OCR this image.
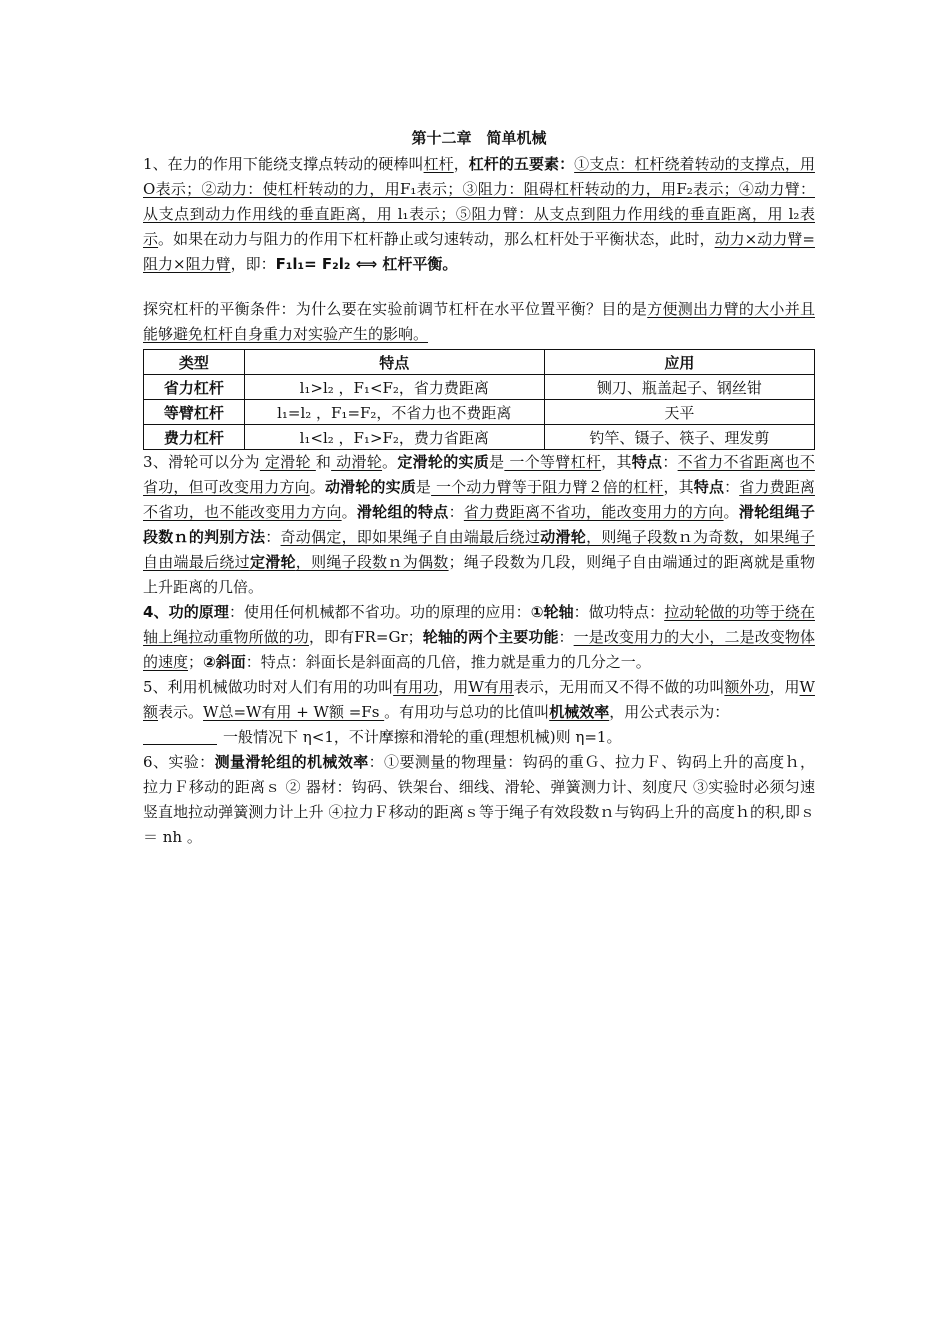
第十二章　简单机械

1、在力的作用下能绕支撑点转动的硬棒叫杠杆，杠杆的五要素：①支点：杠杆绕着转动的支撑点，用O表示；②动力：使杠杆转动的力，用F₁表示；③阻力：阻碍杠杆转动的力，用F₂表示；④动力臂：从支点到动力作用线的垂直距离，用 l₁表示；⑤阻力臂：从支点到阻力作用线的垂直距离，用 l₂表示。如果在动力与阻力的作用下杠杆静止或匀速转动，那么杠杆处于平衡状态，此时，动力×动力臂=阻力×阻力臂，即：F₁l₁= F₂l₂ ⟺ 杠杆平衡。

探究杠杆的平衡条件：为什么要在实验前调节杠杆在水平位置平衡？目的是方便测出力臂的大小并且能够避免杠杆自身重力对实验产生的影响。

类型	特点	应用
省力杠杆	l₁>l₂ ，F₁<F₂，省力费距离	铡刀、瓶盖起子、钢丝钳
等臂杠杆	l₁=l₂ ，F₁=F₂，不省力也不费距离	天平
费力杠杆	l₁<l₂ ，F₁>F₂，费力省距离	钓竿、镊子、筷子、理发剪

3、滑轮可以分为 定滑轮 和 动滑轮。定滑轮的实质是 一个等臂杠杆，其特点：不省力不省距离也不省功，但可改变用力方向。动滑轮的实质是 一个动力臂等于阻力臂２倍的杠杆，其特点：省力费距离不省功，也不能改变用力方向。滑轮组的特点：省力费距离不省功，能改变用力的方向。滑轮组绳子段数ｎ的判别方法：奇动偶定，即如果绳子自由端最后绕过动滑轮，则绳子段数ｎ为奇数，如果绳子自由端最后绕过定滑轮，则绳子段数ｎ为偶数；绳子段数为几段，则绳子自由端通过的距离就是重物上升距离的几倍。

4、功的原理：使用任何机械都不省功。功的原理的应用：①轮轴：做功特点：拉动轮做的功等于绕在轴上绳拉动重物所做的功，即有FR=Gr；轮轴的两个主要功能：一是改变用力的大小，二是改变物体的速度；②斜面：特点：斜面长是斜面高的几倍，推力就是重力的几分之一。

5、利用机械做功时对人们有用的功叫有用功，用W有用表示，无用而又不得不做的功叫额外功，用W额表示。W总=W有用 + W额 =Fs 。有用功与总功的比值叫机械效率，用公式表示为：
一般情况下 η<1，不计摩擦和滑轮的重(理想机械)则 η=1。

6、实验：测量滑轮组的机械效率：①要测量的物理量：钩码的重Ｇ、拉力Ｆ、钩码上升的高度ｈ， 拉力Ｆ移动的距离ｓ ② 器材：钩码、铁架台、细线、滑轮、弹簧测力计、刻度尺 ③实验时必须匀速竖直地拉动弹簧测力计上升 ④拉力Ｆ移动的距离ｓ等于绳子有效段数ｎ与钩码上升的高度ｈ的积,即ｓ ＝ nh 。
